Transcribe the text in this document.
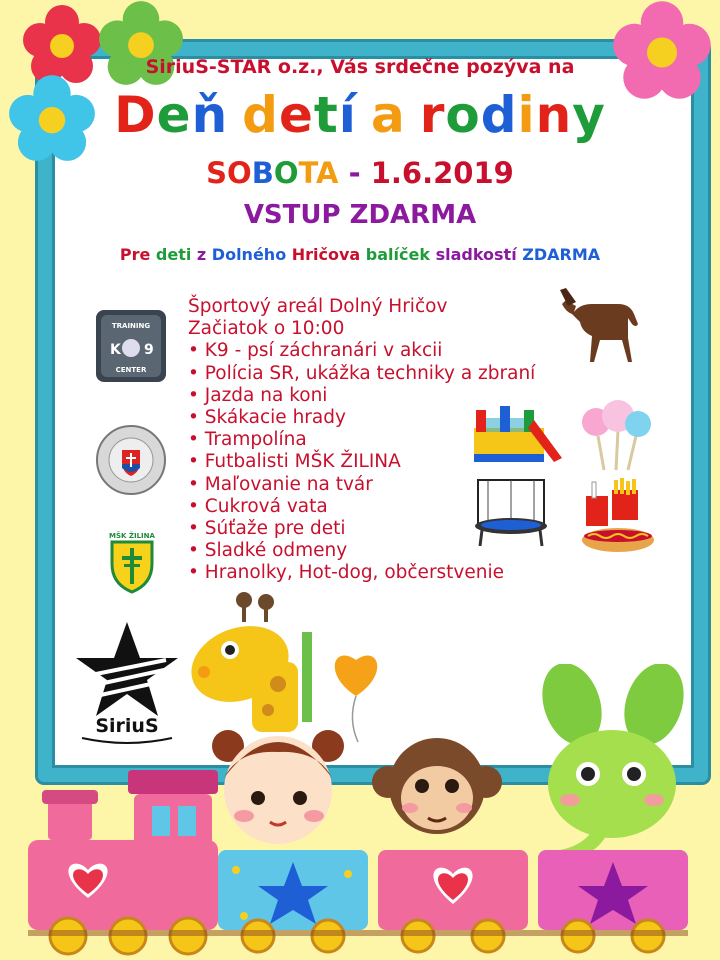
SiriuS-STAR o.z., Vás srdečne pozýva na
Deň detí a rodiny
SOBOTA - 1.6.2019
VSTUP ZDARMA
Pre deti z Dolného Hričova balíček sladkostí ZDARMA
Športový areál Dolný Hričov
Začiatok o 10:00
• K9 - psí záchranári v akcii
• Polícia SR, ukážka techniky a zbraní
• Jazda na koni
• Skákacie hrady
• Trampolína
• Futbalisti MŠK ŽILINA
• Maľovanie na tvár
• Cukrová vata
• Súťaže pre deti
• Sladké odmeny
• Hranolky, Hot-dog, občerstvenie
TRAINING
K 9
CENTER
MŠK ŽILINA
SiriuS
